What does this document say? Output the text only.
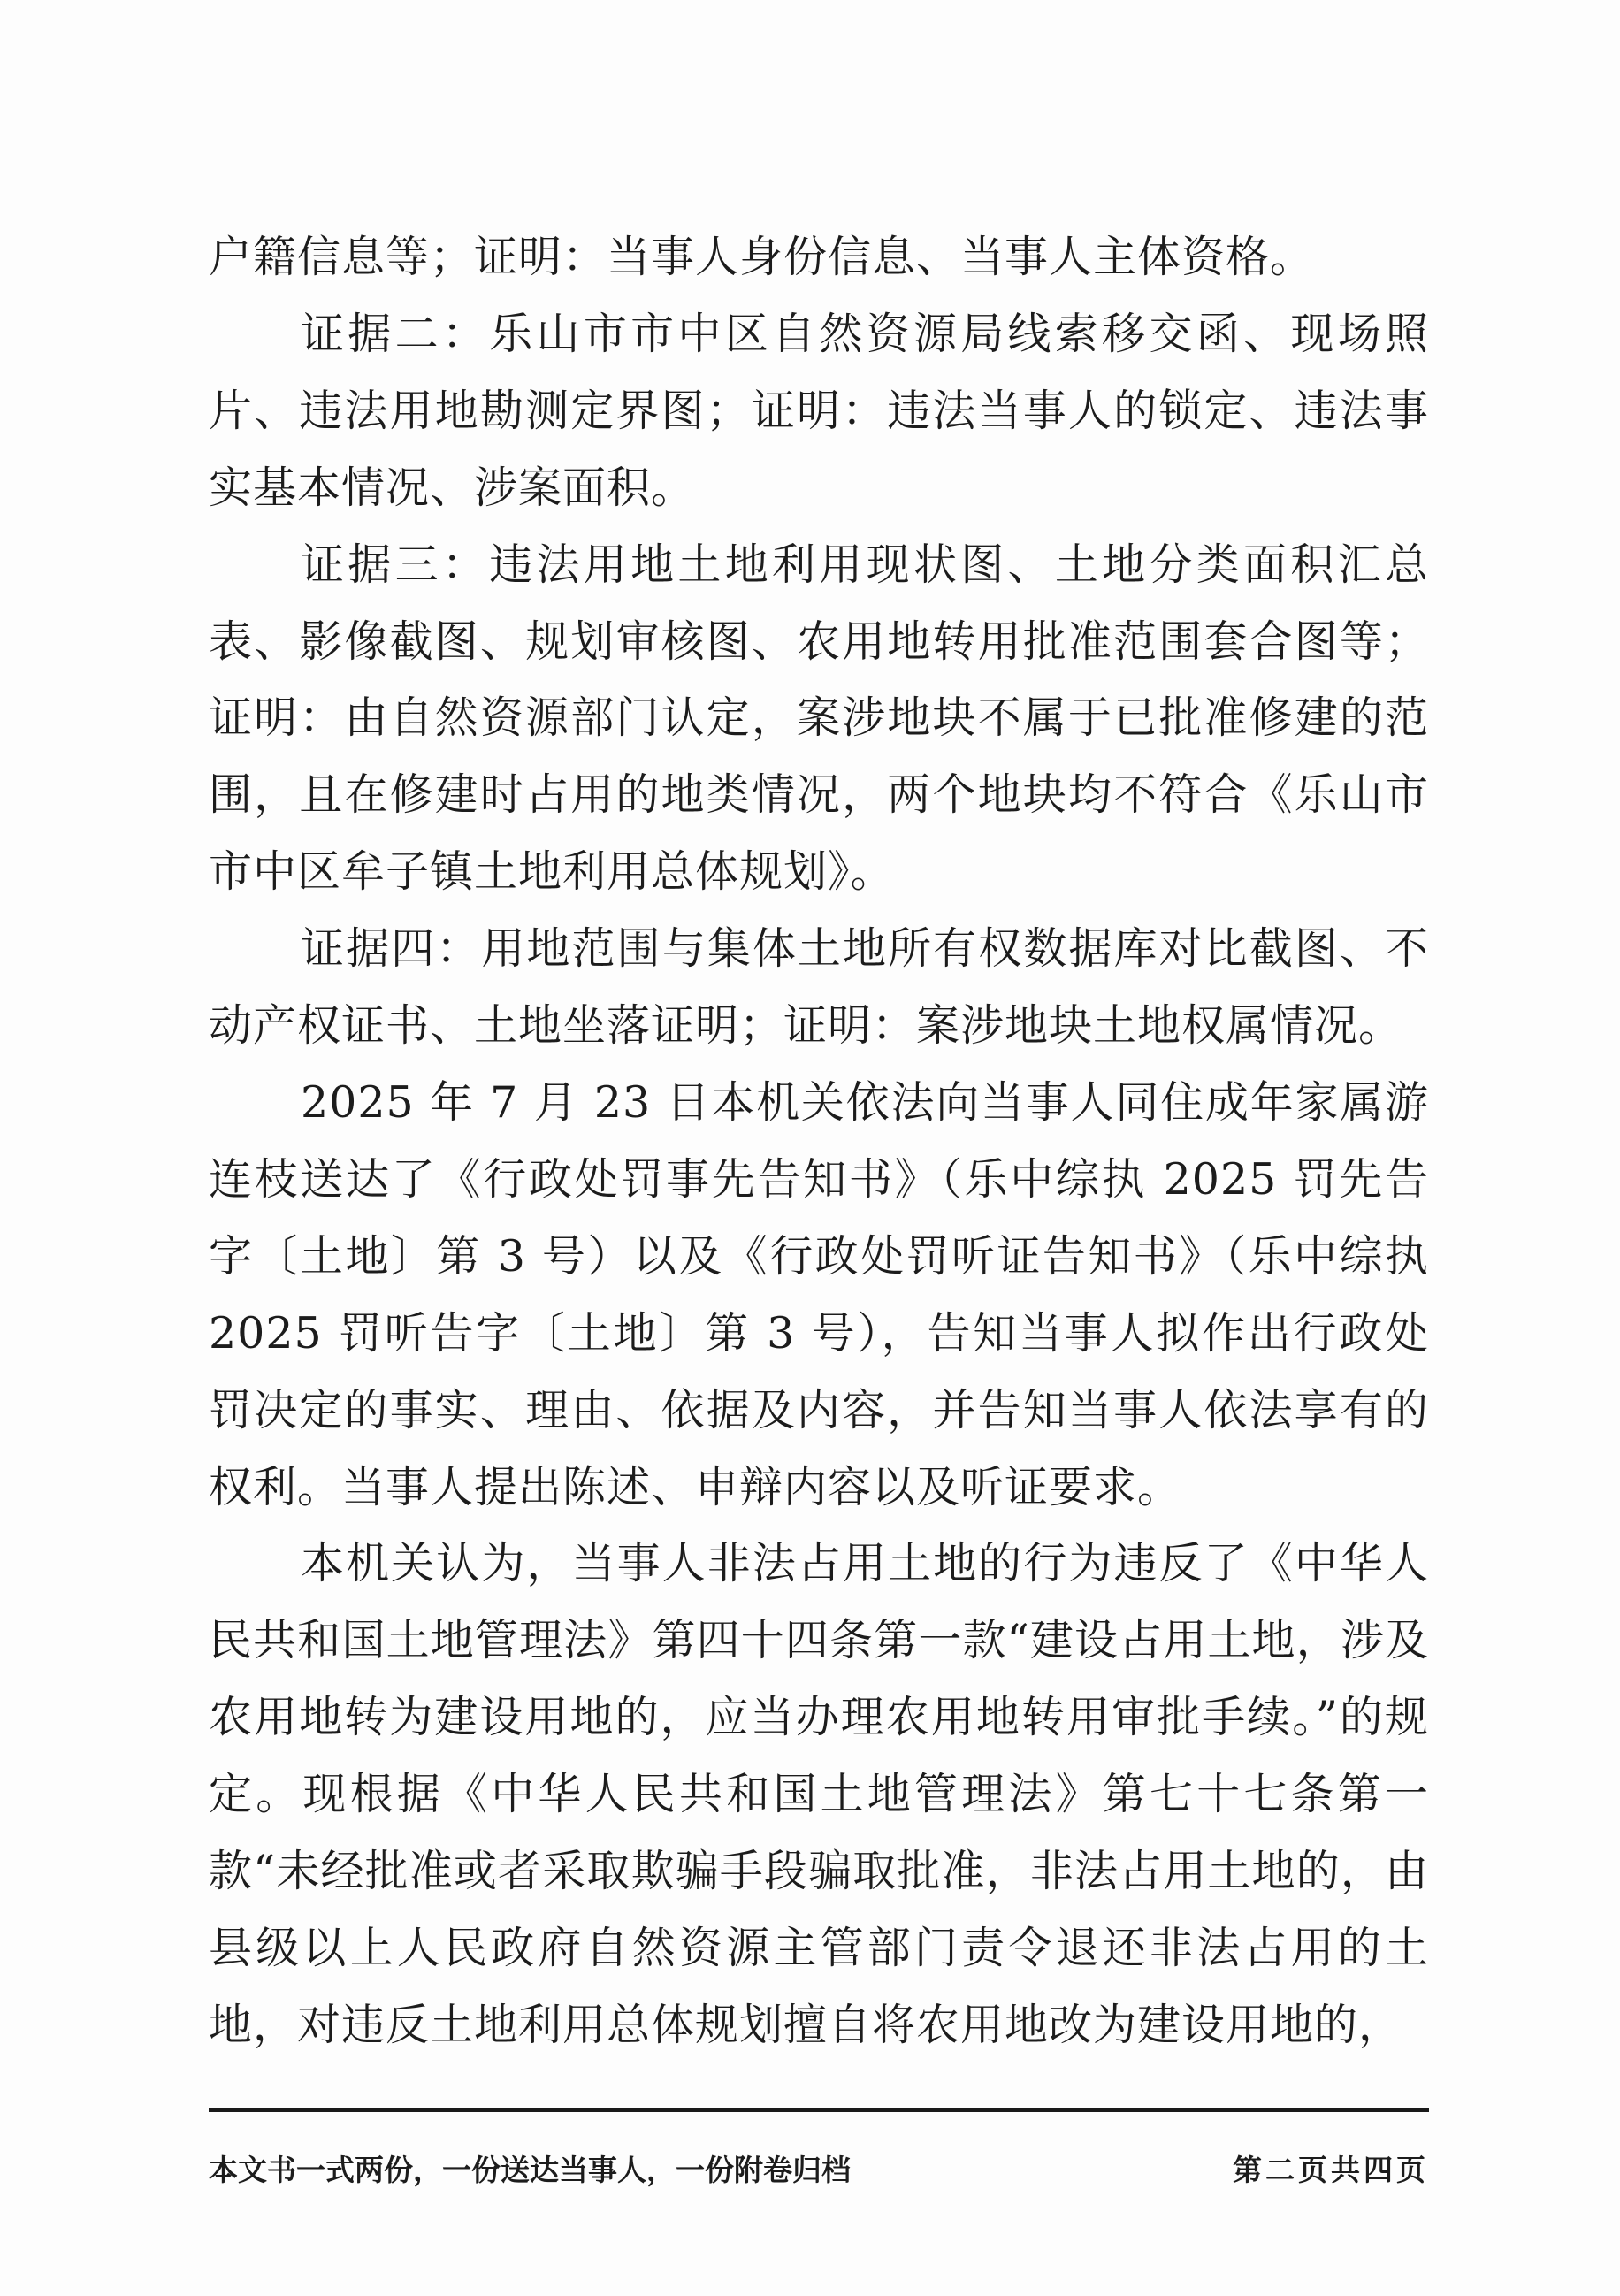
户籍信息等；证明：当事人身份信息、当事人主体资格。

证据二：乐山市市中区自然资源局线索移交函、现场照片、违法用地勘测定界图；证明：违法当事人的锁定、违法事实基本情况、涉案面积。

证据三：违法用地土地利用现状图、土地分类面积汇总表、影像截图、规划审核图、农用地转用批准范围套合图等；证明：由自然资源部门认定，案涉地块不属于已批准修建的范围，且在修建时占用的地类情况，两个地块均不符合《乐山市市中区牟子镇土地利用总体规划》。

证据四：用地范围与集体土地所有权数据库对比截图、不动产权证书、土地坐落证明；证明：案涉地块土地权属情况。

2025 年 7 月 23 日本机关依法向当事人同住成年家属游连枝送达了《行政处罚事先告知书》（乐中综执 2025 罚先告字〔土地〕第 3 号）以及《行政处罚听证告知书》（乐中综执 2025 罚听告字〔土地〕第 3 号），告知当事人拟作出行政处罚决定的事实、理由、依据及内容，并告知当事人依法享有的权利。当事人提出陈述、申辩内容以及听证要求。

本机关认为，当事人非法占用土地的行为违反了《中华人民共和国土地管理法》第四十四条第一款“建设占用土地，涉及农用地转为建设用地的，应当办理农用地转用审批手续。”的规定。现根据《中华人民共和国土地管理法》第七十七条第一款“未经批准或者采取欺骗手段骗取批准，非法占用土地的，由县级以上人民政府自然资源主管部门责令退还非法占用的土地，对违反土地利用总体规划擅自将农用地改为建设用地的，

本文书一式两份，一份送达当事人，一份附卷归档	第二页共四页
